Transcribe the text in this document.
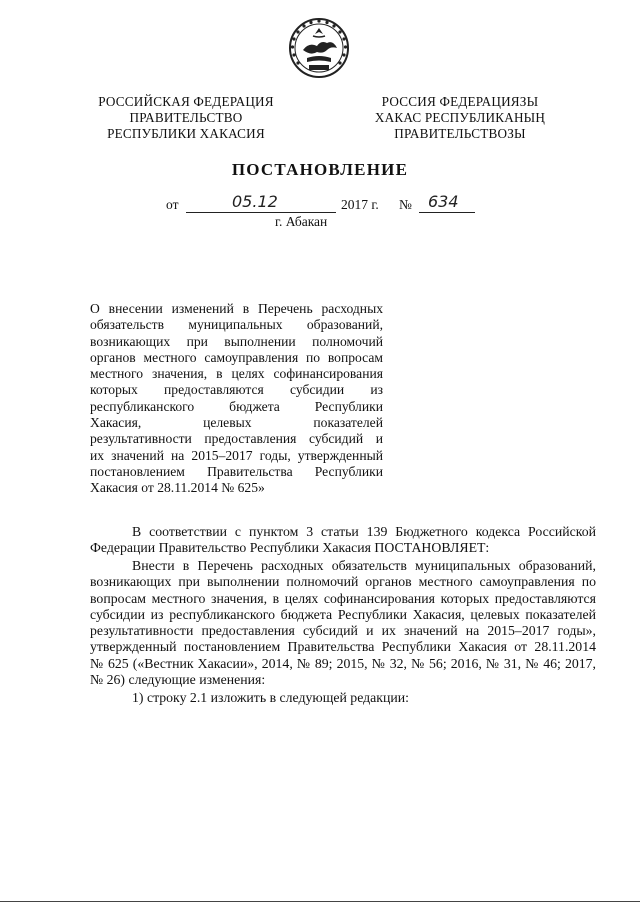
РОССИЙСКАЯ ФЕДЕРАЦИЯ
ПРАВИТЕЛЬСТВО
РЕСПУБЛИКИ ХАКАСИЯ
РОССИЯ ФЕДЕРАЦИЯЗЫ
ХАКАС РЕСПУБЛИКАНЫҢ
ПРАВИТЕЛЬСТВОЗЫ
ПОСТАНОВЛЕНИЕ
от	05.12	2017 г. № 634
г. Абакан
О внесении изменений в Перечень расходных
обязательств муниципальных образований,
возникающих при выполнении полномочий
органов местного самоуправления по вопросам
местного значения, в целях софинансирования
которых предоставляются субсидии из
республиканского бюджета Республики
Хакасия, целевых показателей
результативности предоставления субсидий и
их значений на 2015–2017 годы, утвержденный
постановлением Правительства Республики
Хакасия от 28.11.2014 № 625»
В соответствии с пунктом 3 статьи 139 Бюджетного кодекса Российской
Федерации Правительство Республики Хакасия ПОСТАНОВЛЯЕТ:
Внести в Перечень расходных обязательств муниципальных образований,
возникающих при выполнении полномочий органов местного самоуправления по
вопросам местного значения, в целях софинансирования которых предоставляются
субсидии из республиканского бюджета Республики Хакасия, целевых показателей
результативности предоставления субсидий и их значений на 2015–2017 годы»,
утвержденный постановлением Правительства Республики Хакасия от 28.11.2014
№ 625 («Вестник Хакасии», 2014, № 89; 2015, № 32, № 56; 2016, № 31, № 46; 2017,
№ 26) следующие изменения:
1) строку 2.1 изложить в следующей редакции:
